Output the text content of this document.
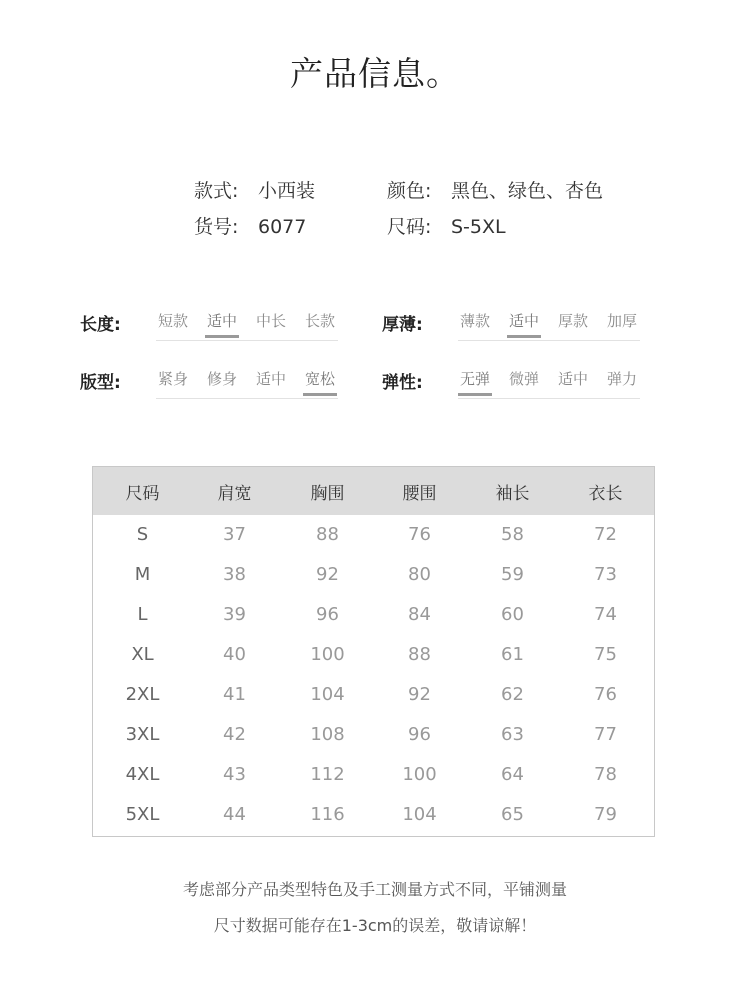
产品信息。
款式: 小西装	颜色: 黑色、绿色、杏色
货号: 6077	尺码: S-5XL
长度: 短款 适中 中长 长款	厚薄: 薄款 适中 厚款 加厚
版型: 紧身 修身 适中 宽松	弹性: 无弹 微弹 适中 弹力
尺码	肩宽	胸围	腰围	袖长	衣长
S	37	88	76	58	72
M	38	92	80	59	73
L	39	96	84	60	74
XL	40	100	88	61	75
2XL	41	104	92	62	76
3XL	42	108	96	63	77
4XL	43	112	100	64	78
5XL	44	116	104	65	79
考虑部分产品类型特色及手工测量方式不同，平铺测量
尺寸数据可能存在1-3cm的误差，敬请谅解！
